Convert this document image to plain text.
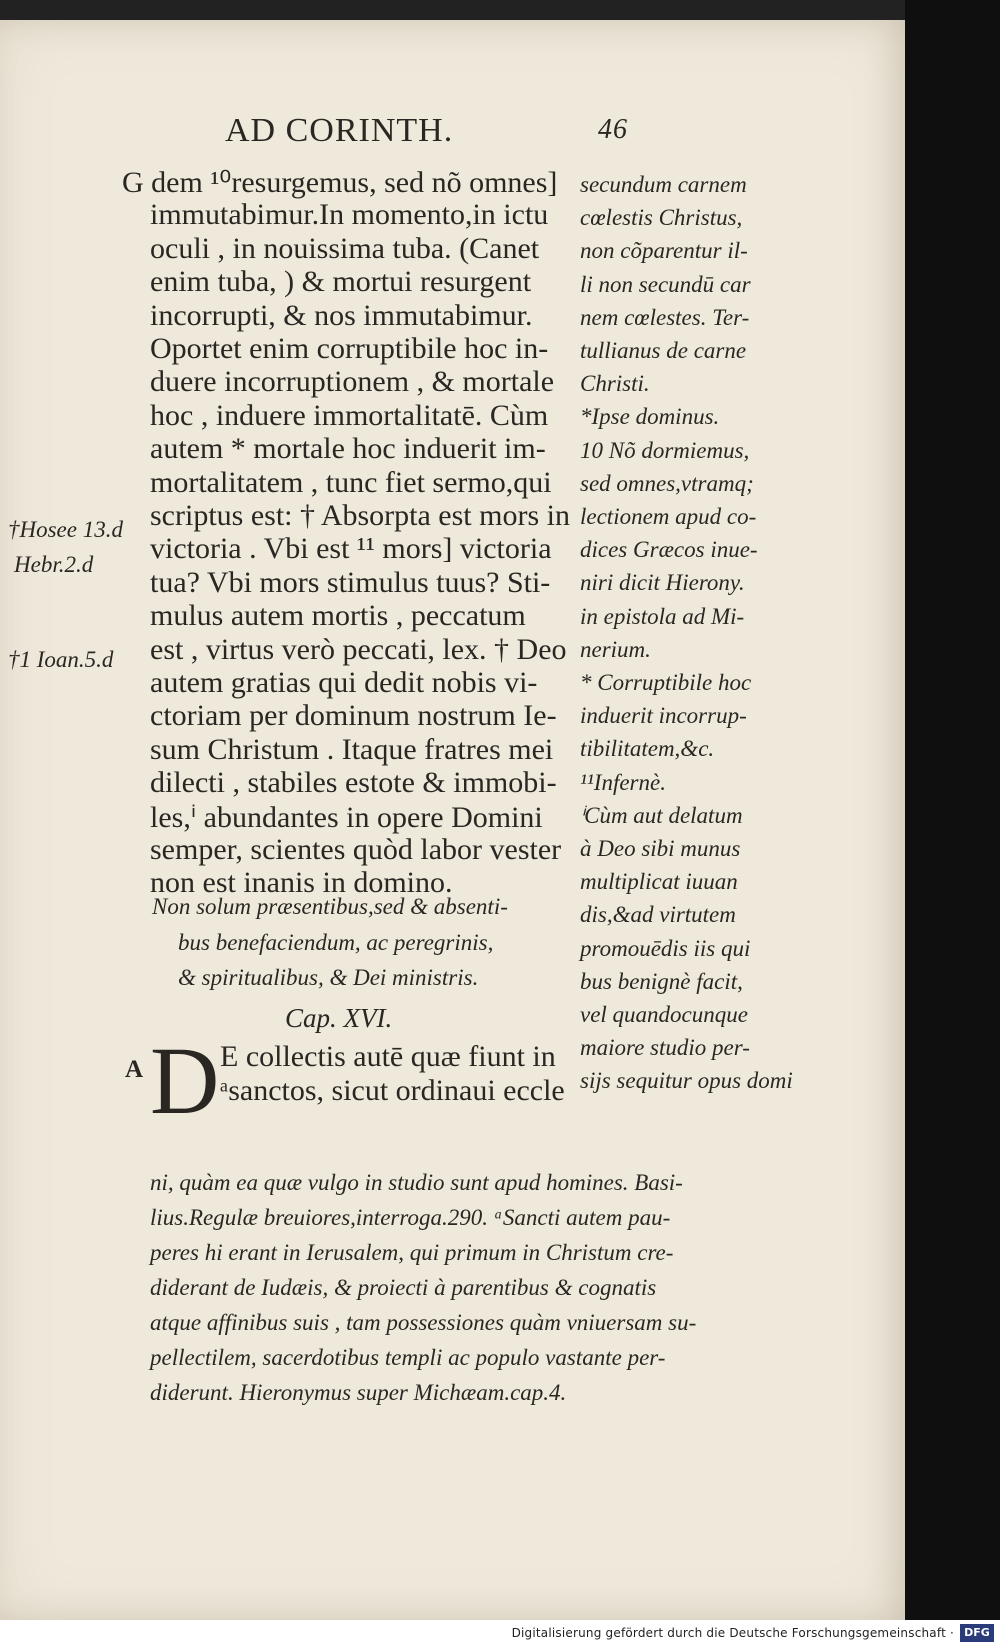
AD CORINTH.	46
G dem ¹⁰resurgemus, sed nõ omnes]
immutabimur.In momento,in ictu
oculi , in nouissima tuba. (Canet
enim tuba, ) & mortui resurgent
incorrupti, & nos immutabimur.
Oportet enim corruptibile hoc in-
duere incorruptionem , & mortale
hoc , induere immortalitatē. Cùm
autem * mortale hoc induerit im-
mortalitatem , tunc fiet sermo,qui
scriptus est: † Absorpta est mors in
victoria . Vbi est ¹¹ mors] victoria
tua? Vbi mors stimulus tuus? Sti-
mulus autem mortis , peccatum
est , virtus verò peccati, lex. † Deo
autem gratias qui dedit nobis vi-
ctoriam per dominum nostrum Ie-
sum Christum . Itaque fratres mei
dilecti , stabiles estote & immobi-
les,ⁱ abundantes in opere Domini
semper, scientes quòd labor vester
non est inanis in domino.
Non solum præsentibus,sed & absenti-
bus benefaciendum, ac peregrinis,
& spiritualibus, & Dei ministris.
Cap. XVI.
A D E collectis autē quæ fiunt in
ᵃsanctos, sicut ordinaui eccle
secundum carnem
cœlestis Christus,
non cõparentur il-
li non secundū car
nem cœlestes. Ter-
tullianus de carne
Christi.
*Ipse dominus.
10 Nõ dormiemus,
sed omnes,vtramq;
lectionem apud co-
dices Græcos inue-
niri dicit Hierony.
in epistola ad Mi-
nerium.
* Corruptibile hoc
induerit incorrup-
tibilitatem,&c.
¹¹Infernè.
ⁱCùm aut delatum
à Deo sibi munus
multiplicat iuuan
dis,&ad virtutem
promouēdis iis qui
bus benignè facit,
vel quandocunque
maiore studio per-
sijs sequitur opus domi
ni, quàm ea quæ vulgo in studio sunt apud homines. Basi-
lius.Regulæ breuiores,interroga.290. ᵃSancti autem pau-
peres hi erant in Ierusalem, qui primum in Christum cre-
diderant de Iudæis, & proiecti à parentibus & cognatis
atque affinibus suis , tam possessiones quàm vniuersam su-
pellectilem, sacerdotibus templi ac populo vastante per-
diderunt. Hieronymus super Michæam.cap.4.
†Hosee 13.d
Hebr.2.d
†1 Ioan.5.d
Digitalisierung gefördert durch die Deutsche Forschungsgemeinschaft · DFG
